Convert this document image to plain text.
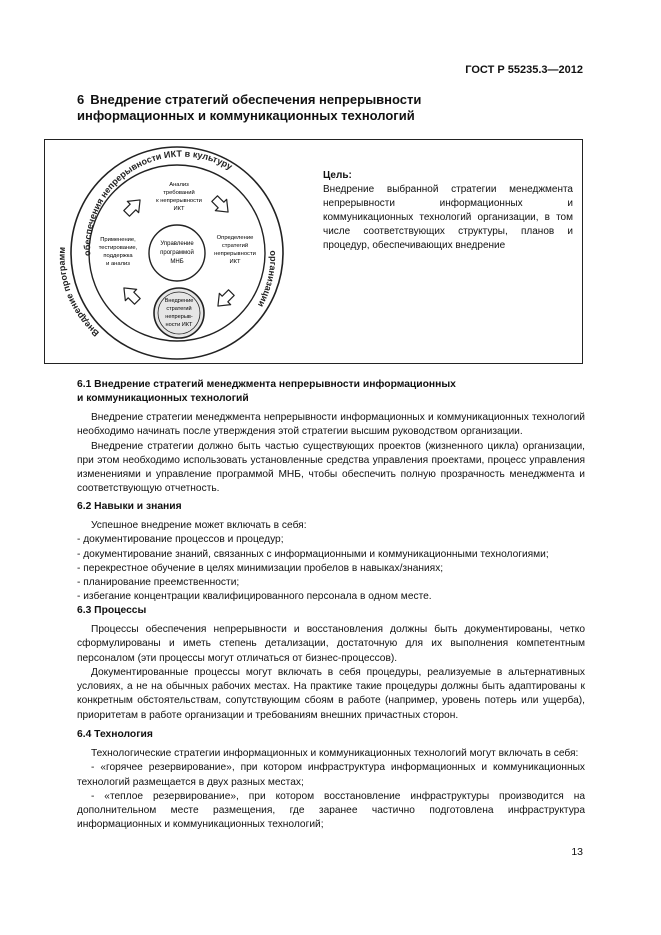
ГОСТ Р 55235.3—2012
6 Внедрение стратегий обеспечения непрерывности
информационных и коммуникационных технологий
обеспечения непрерывности ИКТ в культуру
Внедрение программ	организации
Управление
программой
МНБ
Анализ
требований
к непрерывности
ИКТ
Определение
стратегий
непрерывности
ИКТ
Применение,
тестирование,
поддержка
и анализ
Внедрение
стратегий
непрерыв-
ности ИКТ
Цель:
Внедрение выбранной стратегии менеджмента непрерывности информационных и коммуникационных технологий организации, в том числе соответствующих структуры, планов и процедур, обеспечивающих внедрение
6.1 Внедрение стратегий менеджмента непрерывности информационных
и коммуникационных технологий

Внедрение стратегии менеджмента непрерывности информационных и коммуникационных технологий необходимо начинать после утверждения этой стратегии высшим руководством организации.

Внедрение стратегии должно быть частью существующих проектов (жизненного цикла) организации, при этом необходимо использовать установленные средства управления проектами, процесс управления изменениями и управление программой МНБ, чтобы обеспечить полную прозрачность менеджмента и соответствующую отчетность.

6.2 Навыки и знания

Успешное внедрение может включать в себя:

- документирование процессов и процедур;

- документирование знаний, связанных с информационными и коммуникационными технологиями;

- перекрестное обучение в целях минимизации пробелов в навыках/знаниях;

- планирование преемственности;

- избегание концентрации квалифицированного персонала в одном месте.

6.3 Процессы

Процессы обеспечения непрерывности и восстановления должны быть документированы, четко сформулированы и иметь степень детализации, достаточную для их выполнения компетентным персоналом (эти процессы могут отличаться от бизнес-процессов).

Документированные процессы могут включать в себя процедуры, реализуемые в альтернативных условиях, а не на обычных рабочих местах. На практике такие процедуры должны быть адаптированы к конкретным обстоятельствам, сопутствующим сбоям в работе (например, уровень потерь или ущерба), приоритетам в работе организации и требованиям внешних причастных сторон.

6.4 Технология

Технологические стратегии информационных и коммуникационных технологий могут включать в себя:

- «горячее резервирование», при котором инфраструктура информационных и коммуникационных технологий размещается в двух разных местах;

- «теплое резервирование», при котором восстановление инфраструктуры производится на дополнительном месте размещения, где заранее частично подготовлена инфраструктура информационных и коммуникационных технологий;

13
